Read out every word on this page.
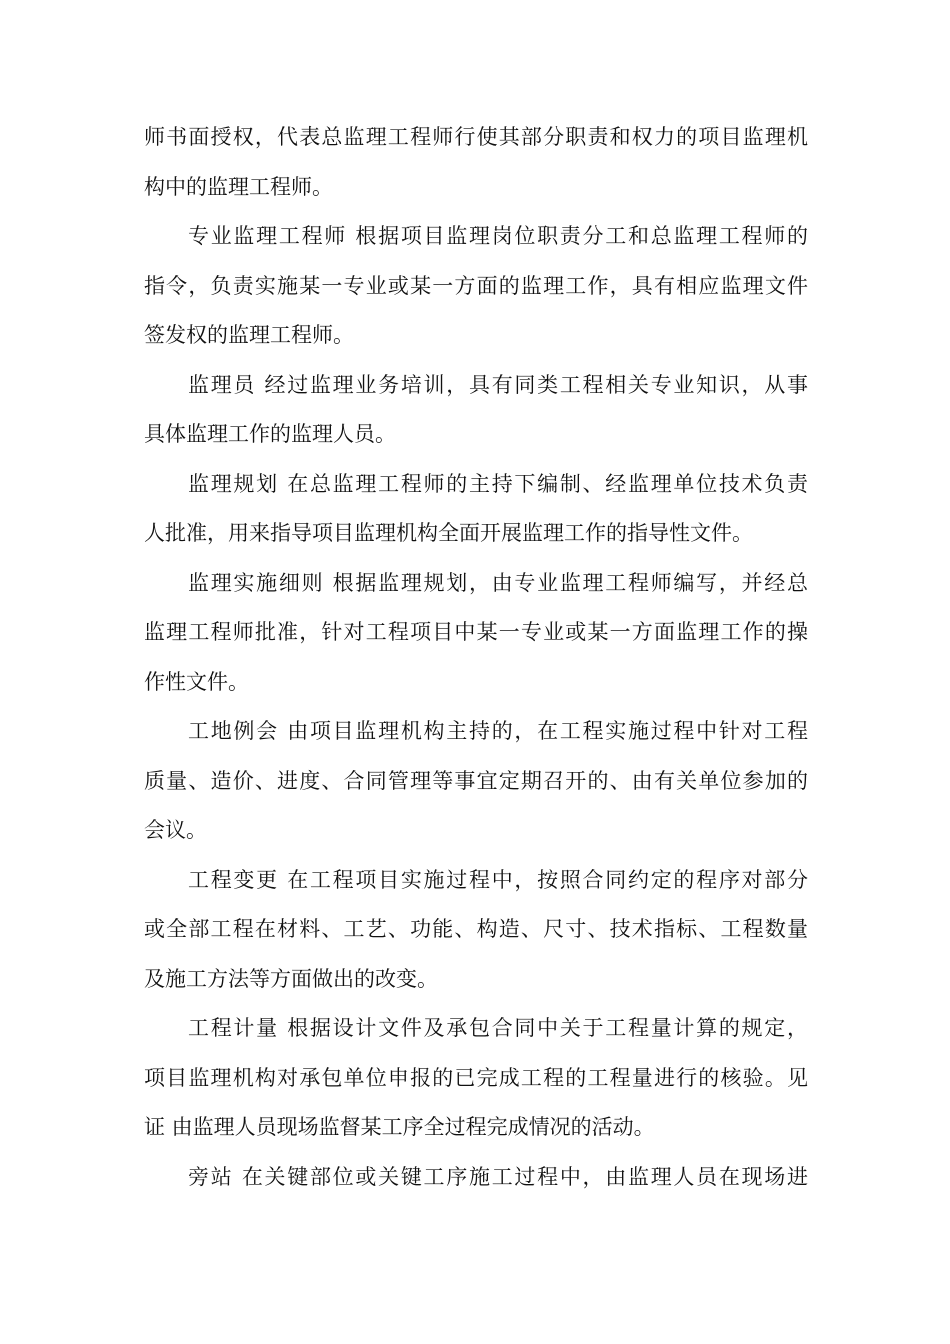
师书面授权，代表总监理工程师行使其部分职责和权力的项目监理机
构中的监理工程师。
专业监理工程师 根据项目监理岗位职责分工和总监理工程师的
指令，负责实施某一专业或某一方面的监理工作，具有相应监理文件
签发权的监理工程师。
监理员 经过监理业务培训，具有同类工程相关专业知识，从事
具体监理工作的监理人员。
监理规划 在总监理工程师的主持下编制、经监理单位技术负责
人批准，用来指导项目监理机构全面开展监理工作的指导性文件。
监理实施细则 根据监理规划，由专业监理工程师编写，并经总
监理工程师批准，针对工程项目中某一专业或某一方面监理工作的操
作性文件。
工地例会 由项目监理机构主持的，在工程实施过程中针对工程
质量、造价、进度、合同管理等事宜定期召开的、由有关单位参加的
会议。
工程变更 在工程项目实施过程中，按照合同约定的程序对部分
或全部工程在材料、工艺、功能、构造、尺寸、技术指标、工程数量
及施工方法等方面做出的改变。
工程计量 根据设计文件及承包合同中关于工程量计算的规定，
项目监理机构对承包单位申报的已完成工程的工程量进行的核验。见
证 由监理人员现场监督某工序全过程完成情况的活动。
旁站 在关键部位或关键工序施工过程中，由监理人员在现场进
